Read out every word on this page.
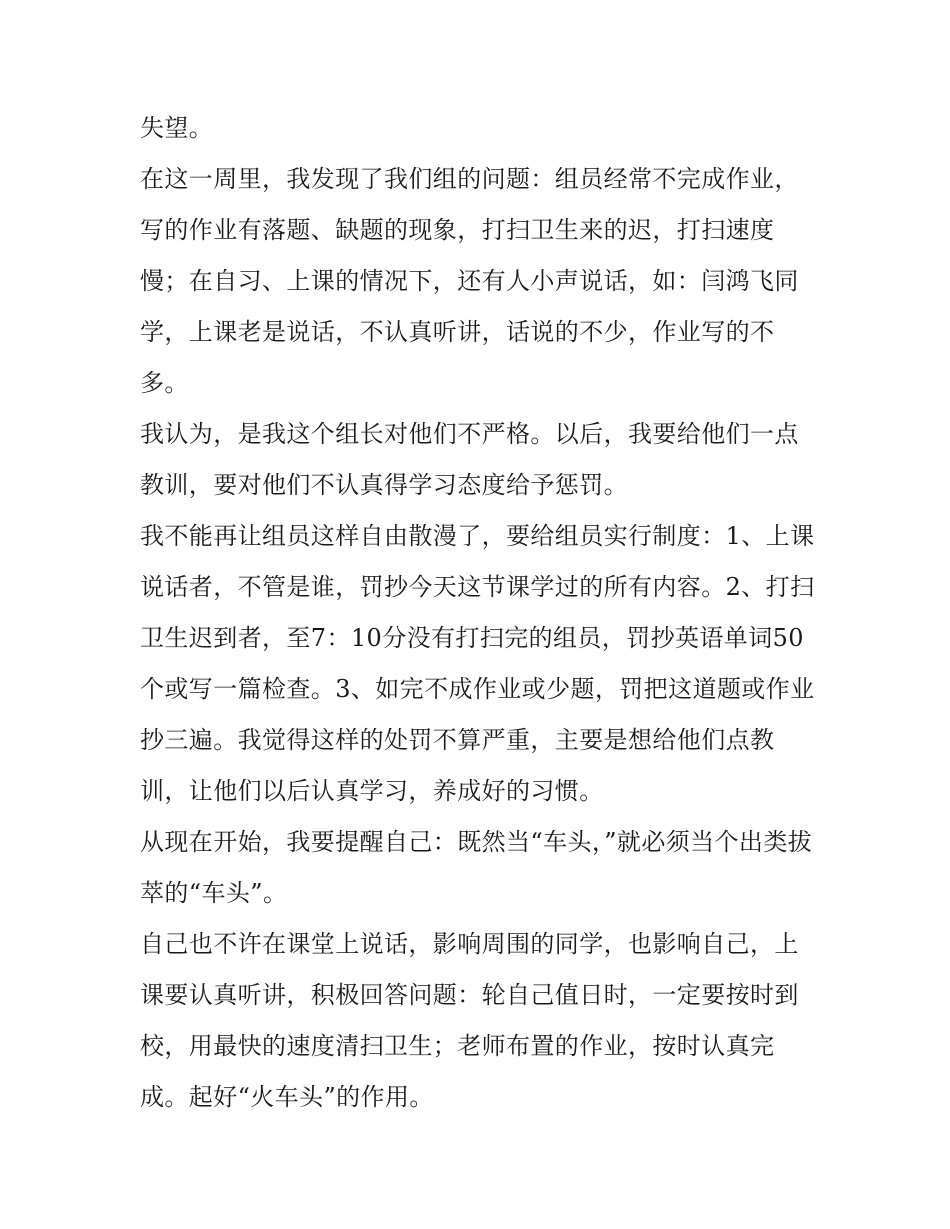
失望。

在这一周里，我发现了我们组的问题：组员经常不完成作业，写的作业有落题、缺题的现象，打扫卫生来的迟，打扫速度慢；在自习、上课的情况下，还有人小声说话，如：闫鸿飞同学，上课老是说话，不认真听讲，话说的不少，作业写的不多。

我认为，是我这个组长对他们不严格。以后，我要给他们一点教训，要对他们不认真得学习态度给予惩罚。

我不能再让组员这样自由散漫了，要给组员实行制度：1、上课说话者，不管是谁，罚抄今天这节课学过的所有内容。2、打扫卫生迟到者，至7：10分没有打扫完的组员，罚抄英语单词50个或写一篇检查。3、如完不成作业或少题，罚把这道题或作业抄三遍。我觉得这样的处罚不算严重，主要是想给他们点教训，让他们以后认真学习，养成好的习惯。

从现在开始，我要提醒自己：既然当“车头，”就必须当个出类拔萃的“车头”。

自己也不许在课堂上说话，影响周围的同学，也影响自己，上课要认真听讲，积极回答问题：轮自己值日时，一定要按时到校，用最快的速度清扫卫生；老师布置的作业，按时认真完成。起好“火车头”的作用。
